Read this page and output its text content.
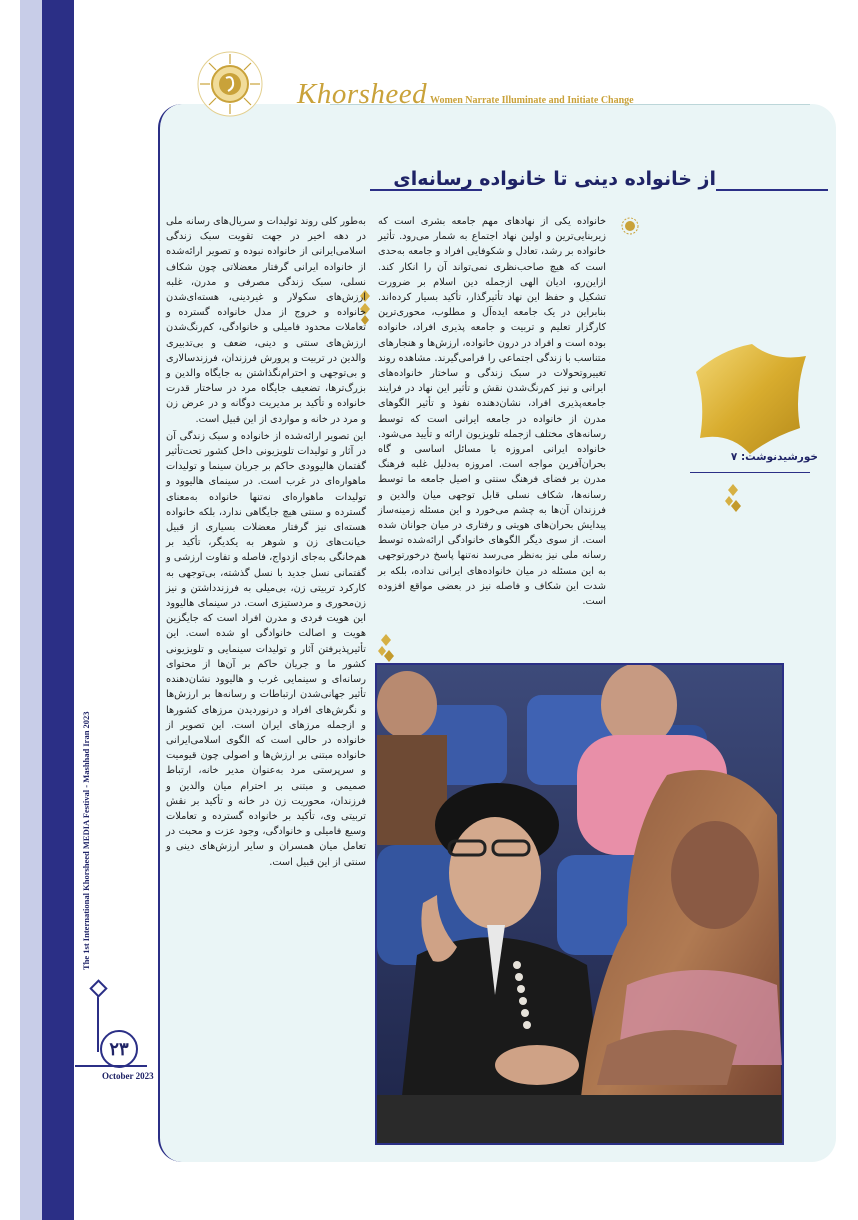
The 1st International Khorsheed MEDIA Festival - Mashhad Iran 2023
۲۳
October 2023
Khorsheed Women Narrate Illuminate and Initiate Change
از خانواده دینی تا خانواده رسانه‌ای
خورشیدنوشت: ۷

خانواده یکی از نهادهای مهم جامعه بشری است که زیربنایی‌ترین و اولین نهاد اجتماع به شمار می‌رود. تأثیر خانواده بر رشد، تعادل و شکوفایی افراد و جامعه به‌حدی است که هیچ صاحب‌نظری نمی‌تواند آن را انکار کند. ازاین‌رو، ادیان الهی ازجمله دین اسلام بر ضرورت تشکیل و حفظ این نهاد تأثیرگذار، تأکید بسیار کرده‌اند. بنابراین در یک جامعه ایده‌آل و مطلوب، محوری‌ترین کارگزار تعلیم و تربیت و جامعه پذیری افراد، خانواده بوده است و افراد در درون خانواده، ارزش‌ها و هنجارهای متناسب با زندگی اجتماعی را فرامی‌گیرند. مشاهده روند تغییروتحولات در سبک زندگی و ساختار خانواده‌های ایرانی و نیز کم‌رنگ‌شدن نقش و تأثیر این نهاد در فرایند جامعه‌پذیری افراد، نشان‌دهنده نفوذ و تأثیر الگوهای مدرن از خانواده در جامعه ایرانی است که توسط رسانه‌های مختلف ازجمله تلویزیون ارائه و تأیید می‌شود. خانواده ایرانی امروزه با مسائل اساسی و گاه بحران‌آفرین مواجه است. امروزه به‌دلیل غلبه فرهنگ مدرن بر فضای فرهنگ سنتی و اصیل جامعه ما توسط رسانه‌ها، شکاف نسلی قابل توجهی میان والدین و فرزندان آن‌ها به چشم می‌خورد و این مسئله زمینه‌ساز پیدایش بحران‌های هویتی و رفتاری در میان جوانان شده است. از سوی دیگر الگوهای خانوادگی ارائه‌شده توسط رسانه ملی نیز به‌نظر می‌رسد نه‌تنها پاسخ درخورتوجهی به این مسئله در میان خانواده‌های ایرانی نداده، بلکه بر شدت این شکاف و فاصله نیز در بعضی مواقع افزوده است.

به‌طور کلی روند تولیدات و سریال‌های رسانه ملی در دهه اخیر در جهت تقویت سبک زندگی اسلامی‌ایرانی از خانواده نبوده و تصویر ارائه‌شده از خانواده ایرانی گرفتار معضلاتی چون شکاف نسلی، سبک زندگی مصرفی و مدرن، غلبه ارزش‌های سکولار و غیردینی، هسته‌ای‌شدن خانواده و خروج از مدل خانواده گسترده و تعاملات محدود فامیلی و خانوادگی، کم‌رنگ‌شدن ارزش‌های سنتی و دینی، ضعف و بی‌تدبیری والدین در تربیت و پرورش فرزندان، فرزندسالاری و بی‌توجهی و احترام‌نگذاشتن به جایگاه والدین و بزرگ‌ترها، تضعیف جایگاه مرد در ساختار قدرت خانواده و تأکید بر مدیریت دوگانه و در عرض زن و مرد در خانه و مواردی از این قبیل است.

این تصویر ارائه‌شده از خانواده و سبک زندگی آن در آثار و تولیدات تلویزیونی داخل کشور تحت‌تأثیر گفتمان هالیوودی حاکم بر جریان سینما و تولیدات ماهواره‌ای در غرب است. در سینمای هالیوود و تولیدات ماهواره‌ای نه‌تنها خانواده به‌معنای گسترده و سنتی هیچ جایگاهی ندارد، بلکه خانواده هسته‌ای نیز گرفتار معضلات بسیاری از قبیل خیانت‌های زن و شوهر به یکدیگر، تأکید بر هم‌خانگی به‌جای ازدواج، فاصله و تفاوت ارزشی و گفتمانی نسل جدید با نسل گذشته، بی‌توجهی به کارکرد تربیتی زن، بی‌میلی به فرزندداشتن و نیز زن‌محوری و مردستیزی است. در سینمای هالیوود این هویت فردی و مدرن افراد است که جایگزین هویت و اصالت خانوادگی او شده است. این تأثیرپذیرفتن آثار و تولیدات سینمایی و تلویزیونی کشور ما و جریان حاکم بر آن‌ها از محتوای رسانه‌ای و سینمایی غرب و هالیوود نشان‌دهنده تأثیر جهانی‌شدن ارتباطات و رسانه‌ها بر ارزش‌ها و نگرش‌های افراد و درنوردیدن مرزهای کشورها و ازجمله مرزهای ایران است. این تصویر از خانواده در حالی است که الگوی اسلامی‌ایرانی خانواده مبتنی بر ارزش‌ها و اصولی چون قیومیت و سرپرستی مرد به‌عنوان مدیر خانه، ارتباط صمیمی و مبتنی بر احترام میان والدین و فرزندان، محوریت زن در خانه و تأکید بر نقش تربیتی وی، تأکید بر خانواده گسترده و تعاملات وسیع فامیلی و خانوادگی، وجود عزت و محبت در تعامل میان همسران و سایر ارزش‌های دینی و سنتی از این قبیل است.
